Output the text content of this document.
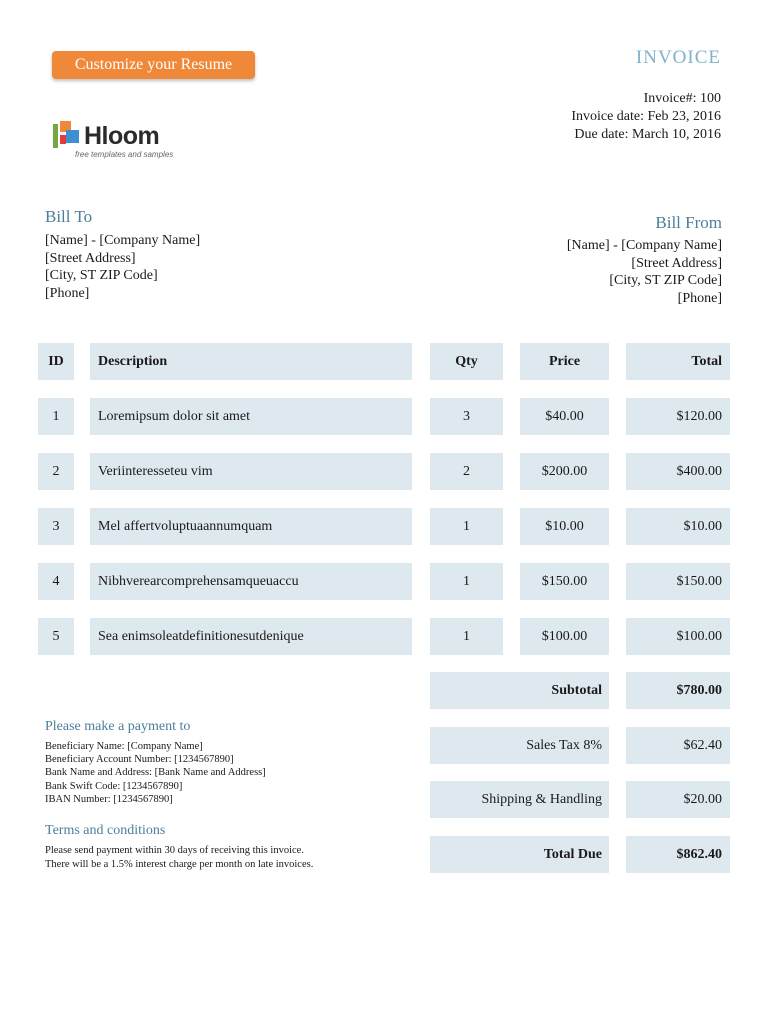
Customize your Resume
Hloom
free templates and samples
INVOICE
Invoice#: 100
Invoice date: Feb 23, 2016
Due date: March 10, 2016
Bill To
[Name] - [Company Name]
[Street Address]
[City, ST ZIP Code]
[Phone]
Bill From
[Name] - [Company Name]
[Street Address]
[City, ST ZIP Code]
[Phone]
ID	Description	Qty	Price	Total
1	Loremipsum dolor sit amet	3	$40.00	$120.00
2	Veriinteresseteu vim	2	$200.00	$400.00
3	Mel affertvoluptuaannumquam	1	$10.00	$10.00
4	Nibhverearcomprehensamqueuaccu	1	$150.00	$150.00
5	Sea enimsoleatdefinitionesutdenique	1	$100.00	$100.00
Subtotal	$780.00
Sales Tax 8%	$62.40
Shipping & Handling	$20.00
Total Due	$862.40
Please make a payment to
Beneficiary Name: [Company Name]
Beneficiary Account Number: [1234567890]
Bank Name and Address: [Bank Name and Address]
Bank Swift Code: [1234567890]
IBAN Number: [1234567890]
Terms and conditions
Please send payment within 30 days of receiving this invoice.
There will be a 1.5% interest charge per month on late invoices.
